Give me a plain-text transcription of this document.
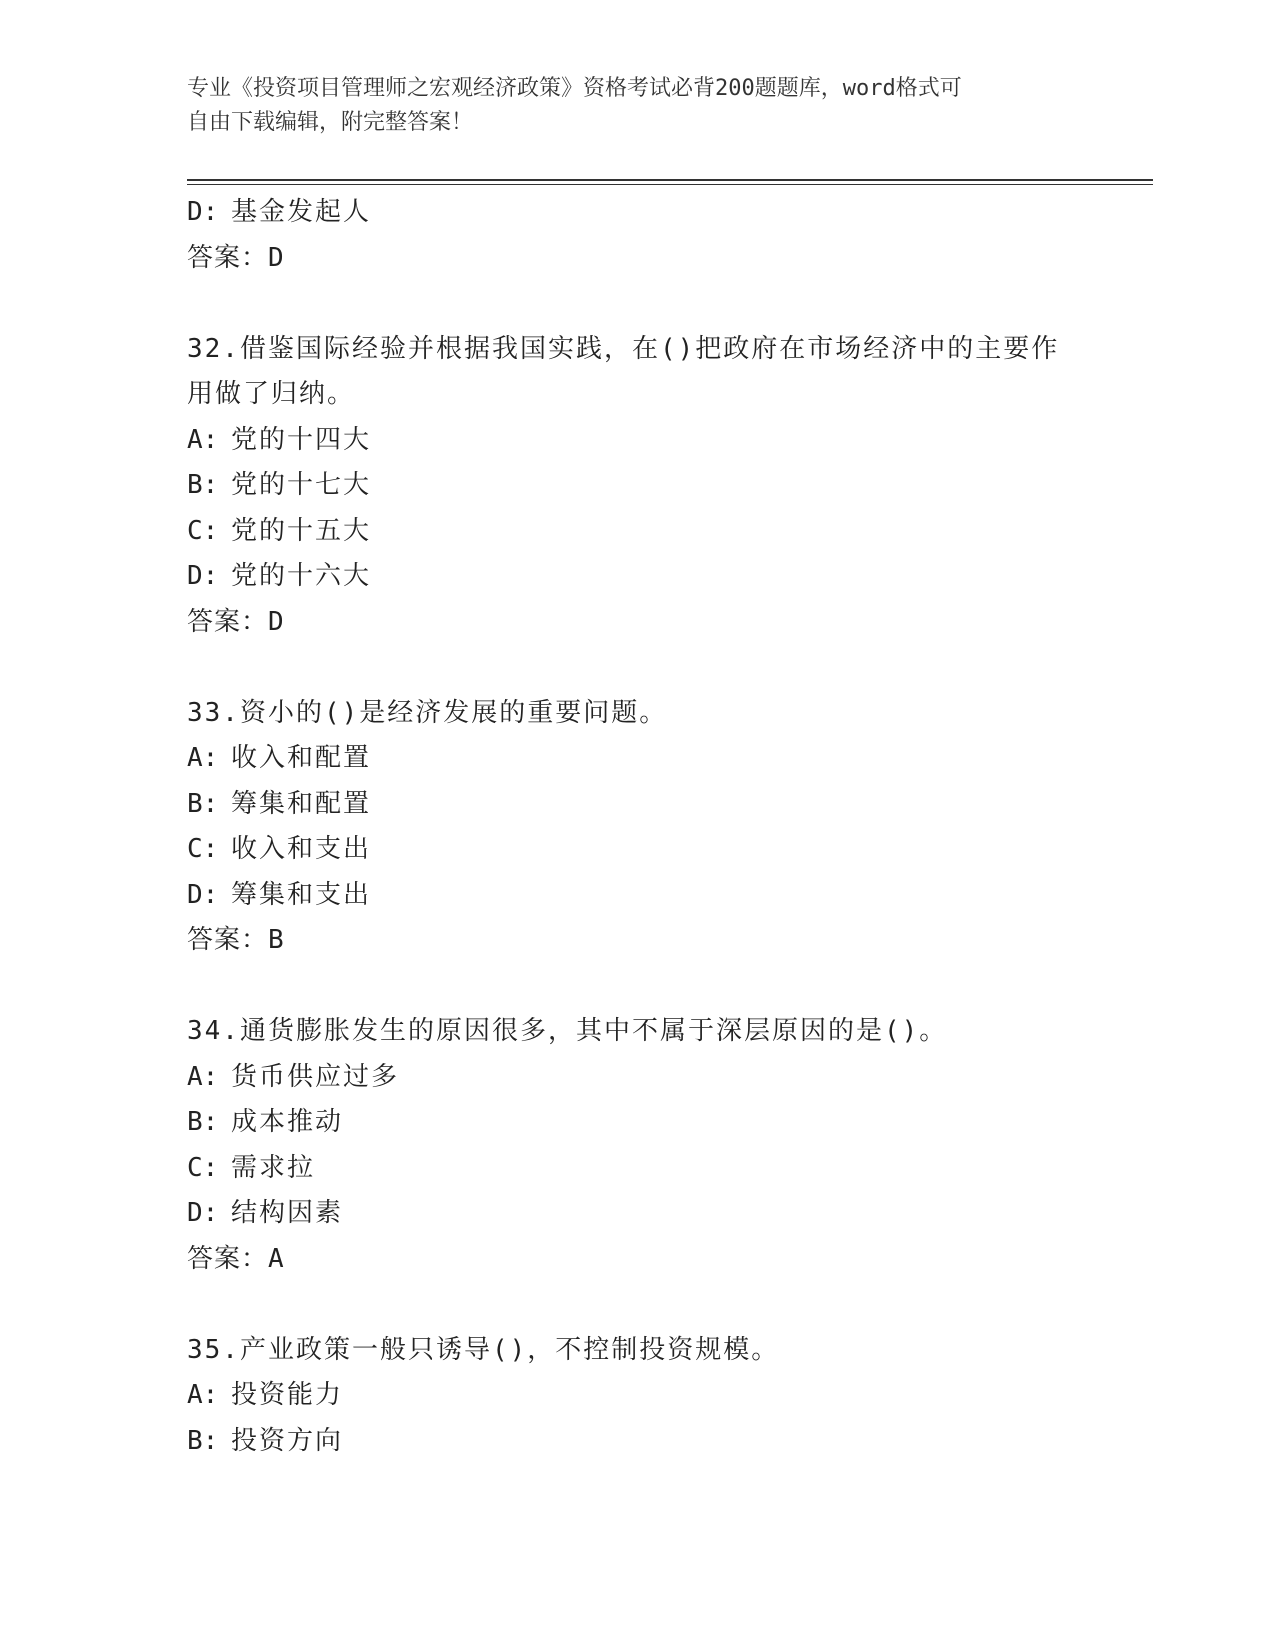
专业《投资项目管理师之宏观经济政策》资格考试必背200题题库，word格式可
自由下载编辑，附完整答案！
D: 基金发起人
答案：D
32.借鉴国际经验并根据我国实践，在()把政府在市场经济中的主要作
用做了归纳。
A: 党的十四大
B: 党的十七大
C: 党的十五大
D: 党的十六大
答案：D
33.资小的()是经济发展的重要问题。
A: 收入和配置
B: 筹集和配置
C: 收入和支出
D: 筹集和支出
答案：B
34.通货膨胀发生的原因很多，其中不属于深层原因的是()。
A: 货币供应过多
B: 成本推动
C: 需求拉
D: 结构因素
答案：A
35.产业政策一般只诱导()，不控制投资规模。
A: 投资能力
B: 投资方向
